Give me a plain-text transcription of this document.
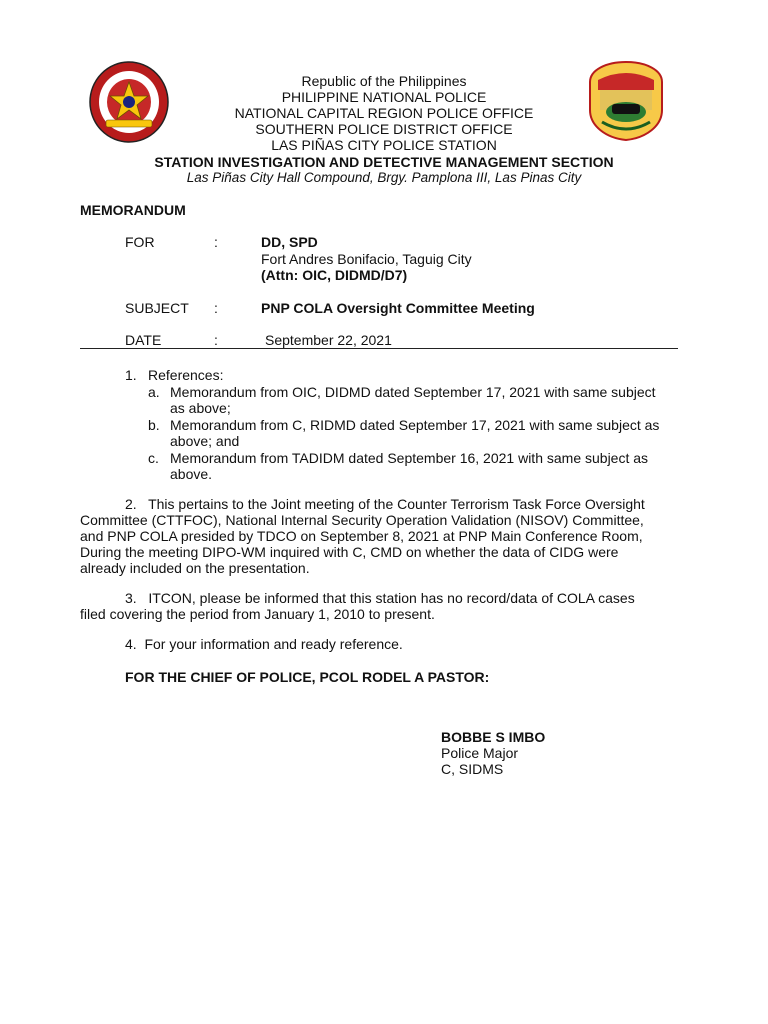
Republic of the Philippines
PHILIPPINE NATIONAL POLICE
NATIONAL CAPITAL REGION POLICE OFFICE
SOUTHERN POLICE DISTRICT OFFICE
LAS PIÑAS CITY POLICE STATION
STATION INVESTIGATION AND DETECTIVE MANAGEMENT SECTION
Las Piñas City Hall Compound, Brgy. Pamplona III, Las Pinas City
MEMORANDUM
FOR	:	DD, SPD
Fort Andres Bonifacio, Taguig City
(Attn: OIC, DIDMD/D7)
SUBJECT :	PNP COLA Oversight Committee Meeting
DATE	:	September 22, 2021
1. References:
a. Memorandum from OIC, DIDMD dated September 17, 2021 with same subject
as above;
b. Memorandum from C, RIDMD dated September 17, 2021 with same subject as
above; and
c. Memorandum from TADIDM dated September 16, 2021 with same subject as
above.
2.   This pertains to the Joint meeting of the Counter Terrorism Task Force Oversight
Committee (CTTFOC), National Internal Security Operation Validation (NISOV) Committee,
and PNP COLA presided by TDCO on September 8, 2021 at PNP Main Conference Room,
During the meeting DIPO-WM inquired with C, CMD on whether the data of CIDG were
already included on the presentation.
3.   ITCON, please be informed that this station has no record/data of COLA cases
filed covering the period from January 1, 2010 to present.
4.  For your information and ready reference.
FOR THE CHIEF OF POLICE, PCOL RODEL A PASTOR:
BOBBE S IMBO
Police Major
C, SIDMS
